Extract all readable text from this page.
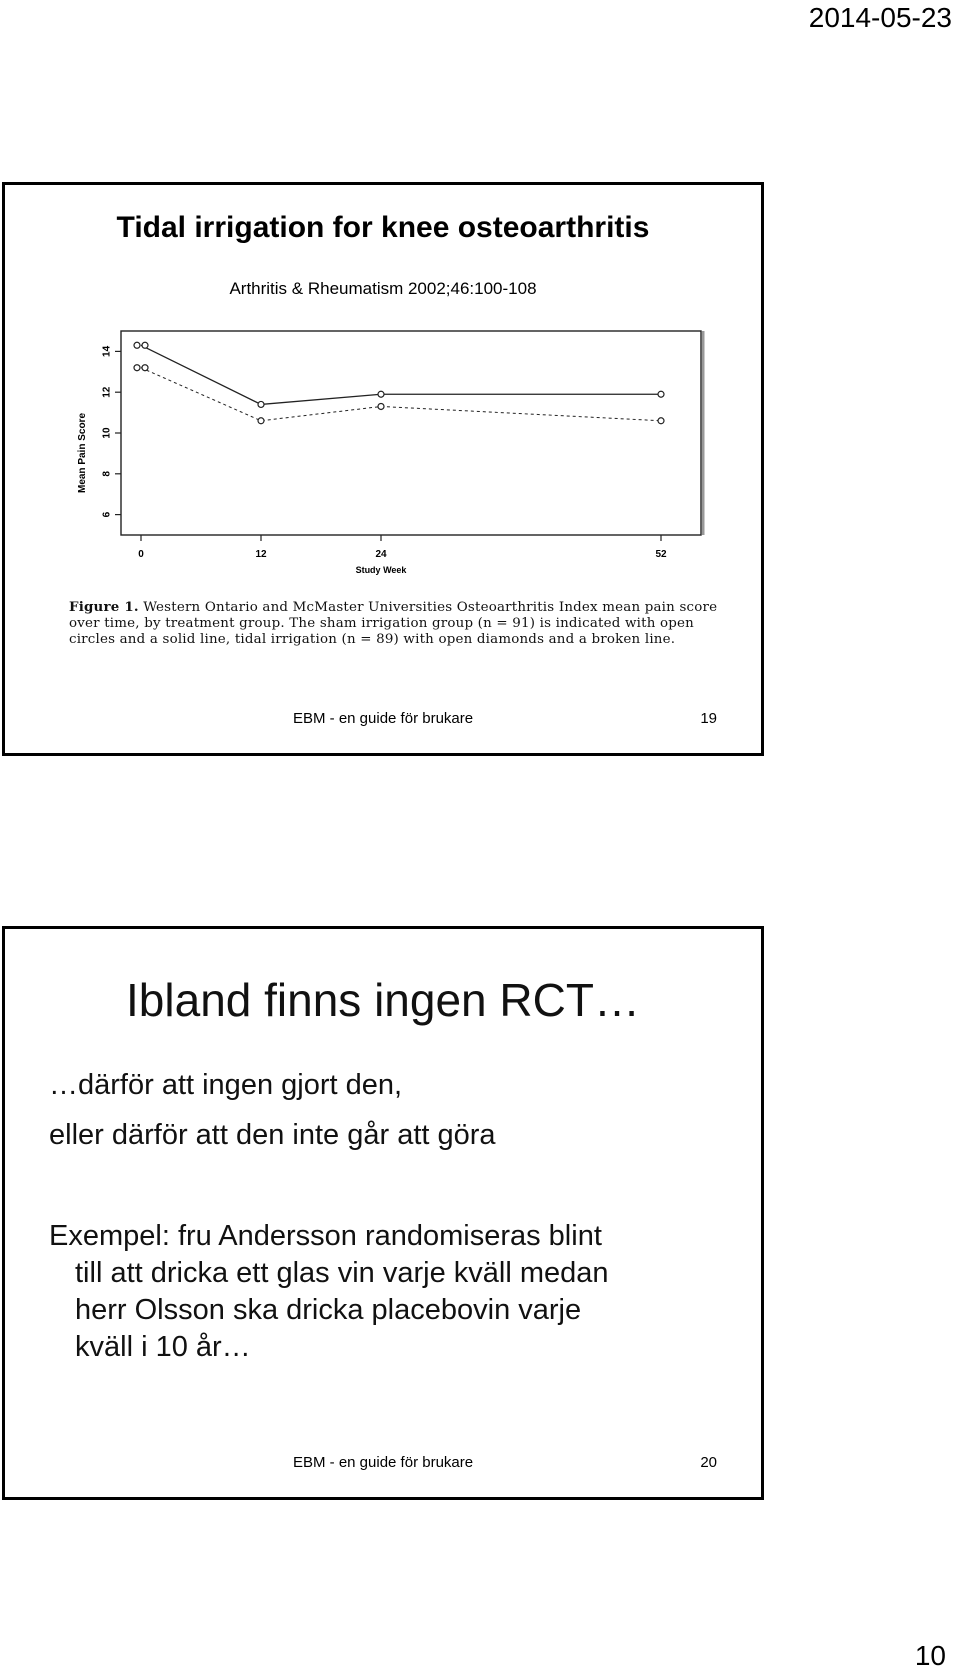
2014-05-23
Tidal irrigation for knee osteoarthritis
Arthritis & Rheumatism 2002;46:100-108
6
8
10
12
14
Mean Pain Score
0	12	24	52
Study Week
Figure 1. Western Ontario and McMaster Universities Osteoarthritis Index mean pain score over time, by treatment group. The sham irrigation group (n = 91) is indicated with open circles and a solid line, tidal irrigation (n = 89) with open diamonds and a broken line.
EBM - en guide för brukare	19
Ibland finns ingen RCT…
…därför att ingen gjort den,
eller därför att den inte går att göra
Exempel: fru Andersson randomiseras blint
till att dricka ett glas vin varje kväll medan
herr Olsson ska dricka placebovin varje
kväll i 10 år…
EBM - en guide för brukare	20
10
